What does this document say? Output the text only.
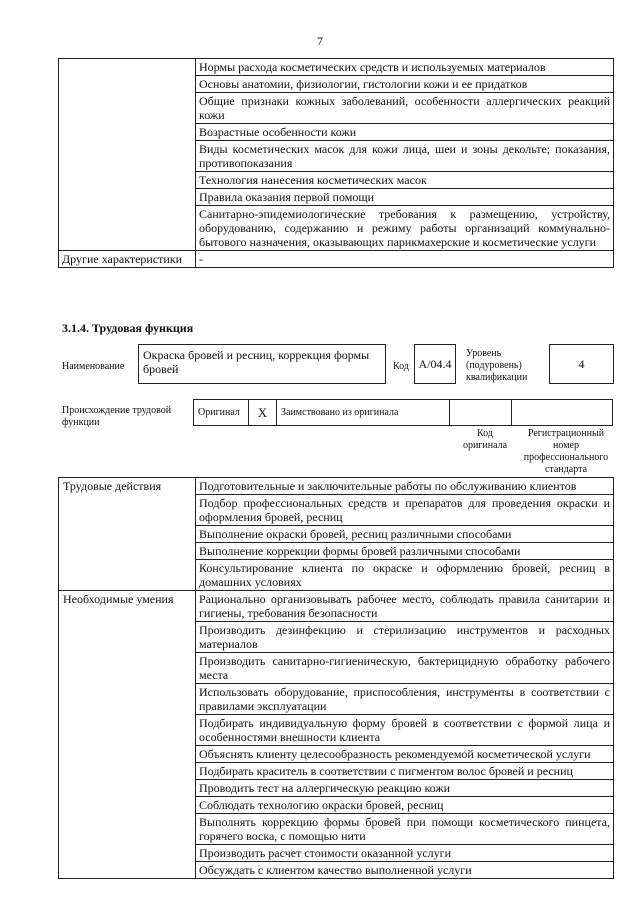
7
	Нормы расхода косметических средств и используемых материалов
	Основы анатомии, физиологии, гистологии кожи и ее придатков
	Общие признаки кожных заболеваний, особенности аллергических реакций кожи
	Возрастные особенности кожи
	Виды косметических масок для кожи лица, шеи и зоны декольте; показания, противопоказания
	Технология нанесения косметических масок
	Правила оказания первой помощи
	Санитарно-эпидемиологические требования к размещению, устройству, оборудованию, содержанию и режиму работы организаций коммунально-бытового назначения, оказывающих парикмахерские и косметические услуги
Другие характеристики	-
3.1.4. Трудовая функция
Наименование
Окраска бровей и ресниц, коррекция формы бровей	Код A/04.4
Уровень (подуровень) квалификации
4
Происхождение трудовой функции
Оригинал	X	Заимствовано из оригинала
Код оригинала
Регистрационный номер профессионального стандарта
Трудовые действия	Подготовительные и заключительные работы по обслуживанию клиентов
	Подбор профессиональных средств и препаратов для проведения окраски и оформления бровей, ресниц
	Выполнение окраски бровей, ресниц различными способами
	Выполнение коррекции формы бровей различными способами
	Консультирование клиента по окраске и оформлению бровей, ресниц в домашних условиях
Необходимые умения	Рационально организовывать рабочее место, соблюдать правила санитарии и гигиены, требования безопасности
	Производить дезинфекцию и стерилизацию инструментов и расходных материалов
	Производить санитарно-гигиеническую, бактерицидную обработку рабочего места
	Использовать оборудование, приспособления, инструменты в соответствии с правилами эксплуатации
	Подбирать индивидуальную форму бровей в соответствии с формой лица и особенностями внешности клиента
	Объяснять клиенту целесообразность рекомендуемой косметической услуги
	Подбирать краситель в соответствии с пигментом волос бровей и ресниц
	Проводить тест на аллергическую реакцию кожи
	Соблюдать технологию окраски бровей, ресниц
	Выполнять коррекцию формы бровей при помощи косметического пинцета, горячего воска, с помощью нити
	Производить расчет стоимости оказанной услуги
	Обсуждать с клиентом качество выполненной услуги
